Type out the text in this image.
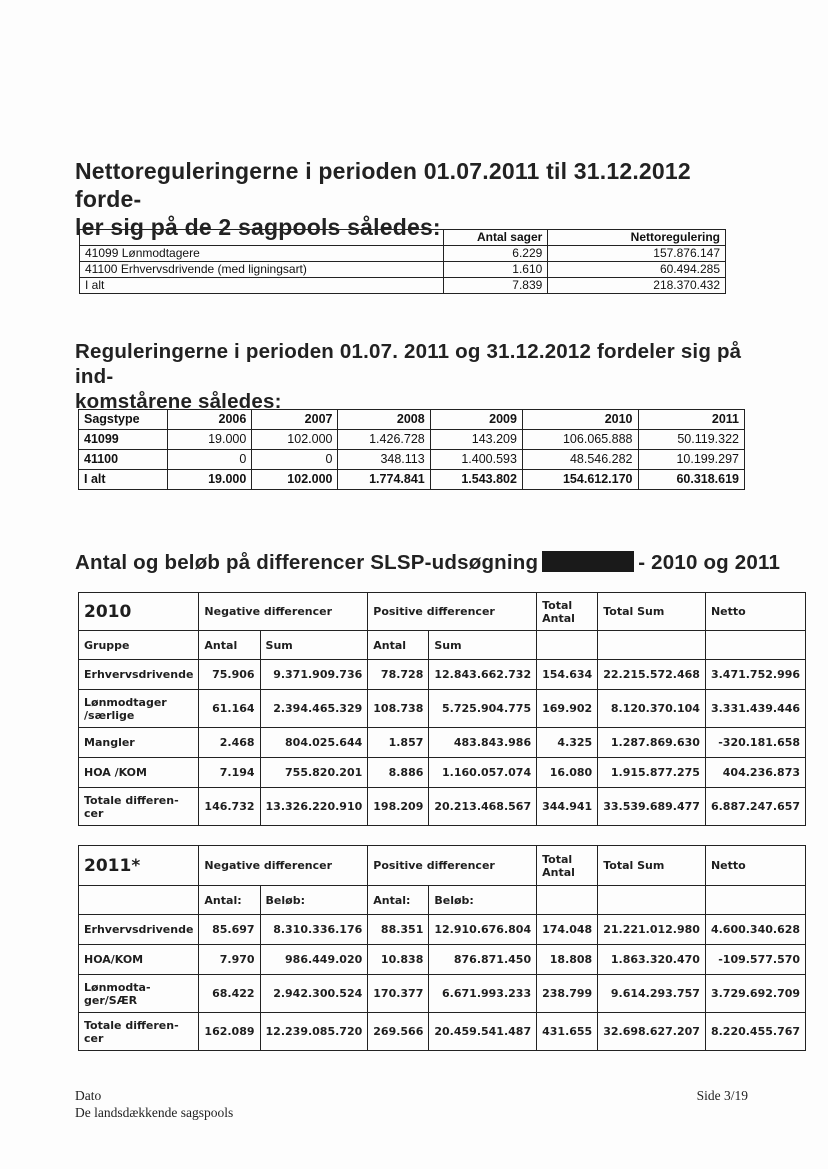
Nettoreguleringerne i perioden 01.07.2011 til 31.12.2012 forde-
ler sig på de 2 sagpools således:
		Antal sager	Nettoregulering
41099 Lønmodtagere	6.229	157.876.147
41100 Erhvervsdrivende (med ligningsart)	1.610	60.494.285
I alt	7.839	218.370.432
Reguleringerne i perioden 01.07. 2011 og 31.12.2012 fordeler sig på ind-
komstårene således:
Sagstype	2006	2007	2008	2009	2010	2011
41099	19.000	102.000	1.426.728	143.209	106.065.888	50.119.322
41100	0	0	348.113	1.400.593	48.546.282	10.199.297
I alt	19.000	102.000	1.774.841	1.543.802	154.612.170	60.318.619
Antal og beløb på differencer SLSP-udsøgning	- 2010 og 2011
2010	Negative differencer		Positive differencer		Total Antal	Total Sum	Netto
Gruppe	Antal	Sum	Antal	Sum			
Erhvervsdrivende	75.906	9.371.909.736	78.728	12.843.662.732	154.634	22.215.572.468	3.471.752.996
Lønmodtager /særlige	61.164	2.394.465.329	108.738	5.725.904.775	169.902	8.120.370.104	3.331.439.446
Mangler	2.468	804.025.644	1.857	483.843.986	4.325	1.287.869.630	-320.181.658
HOA /KOM	7.194	755.820.201	8.886	1.160.057.074	16.080	1.915.877.275	404.236.873
Totale differen- cer	146.732	13.326.220.910	198.209	20.213.468.567	344.941	33.539.689.477	6.887.247.657
2011*	Negative differencer		Positive differencer		Total Antal	Total Sum	Netto
	Antal:	Beløb:	Antal:	Beløb:			
Erhvervsdrivende	85.697	8.310.336.176	88.351	12.910.676.804	174.048	21.221.012.980	4.600.340.628
HOA/KOM	7.970	986.449.020	10.838	876.871.450	18.808	1.863.320.470	-109.577.570
Lønmodta- ger/SÆR	68.422	2.942.300.524	170.377	6.671.993.233	238.799	9.614.293.757	3.729.692.709
Totale differen- cer	162.089	12.239.085.720	269.566	20.459.541.487	431.655	32.698.627.207	8.220.455.767
Dato
De landsdækkende sagspools
Side 3/19
